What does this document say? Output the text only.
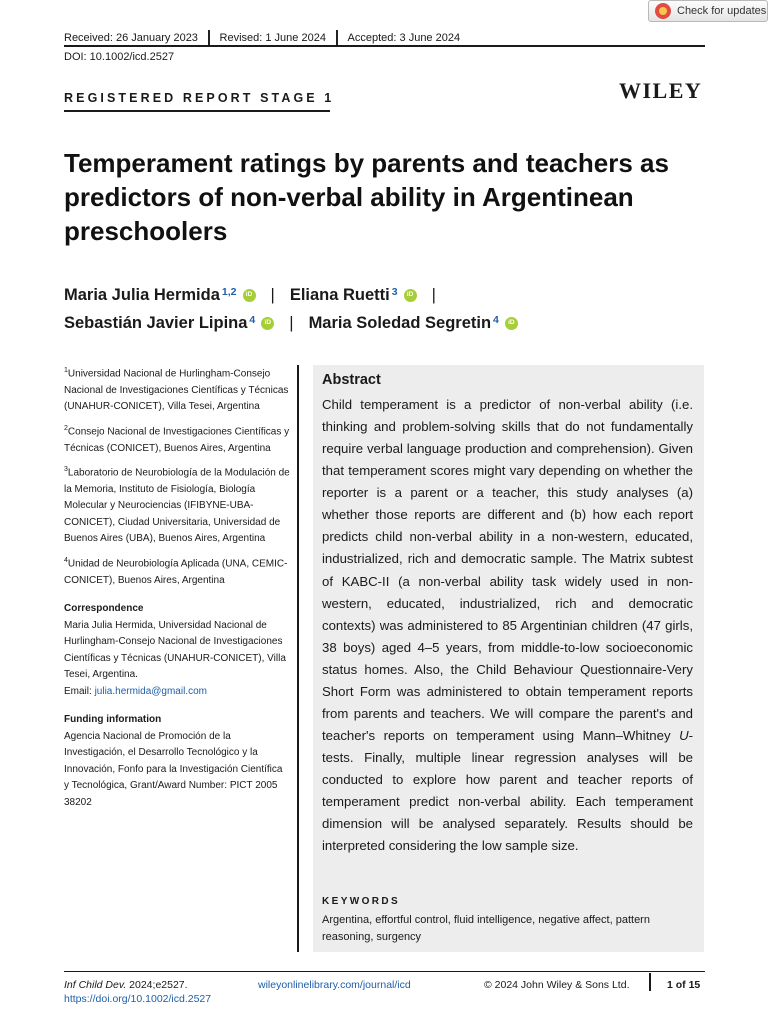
Check for updates
Received: 26 January 2023 Revised: 1 June 2024 Accepted: 3 June 2024
DOI: 10.1002/icd.2527
REGISTERED REPORT STAGE 1	WILEY
Temperament ratings by parents and teachers as predictors of non-verbal ability in Argentinean preschoolers
Maria Julia Hermida$^{1,2}$	iD | Eliana Ruetti$^3$	iD |
Sebastián Javier Lipina$^4$	iD | Maria Soledad Segretin$^4$	iD

$^1$Universidad Nacional de Hurlingham-Consejo Nacional de Investigaciones Científicas y Técnicas (UNAHUR-CONICET), Villa Tesei, Argentina

$^2$Consejo Nacional de Investigaciones Científicas y Técnicas (CONICET), Buenos Aires, Argentina

$^3$Laboratorio de Neurobiología de la Modulación de la Memoria, Instituto de Fisiología, Biología Molecular y Neurociencias (IFIBYNE-UBA-CONICET), Ciudad Universitaria, Universidad de Buenos Aires (UBA), Buenos Aires, Argentina

$^4$Unidad de Neurobiología Aplicada (UNA, CEMIC-CONICET), Buenos Aires, Argentina

Correspondence

Maria Julia Hermida, Universidad Nacional de Hurlingham-Consejo Nacional de Investigaciones Científicas y Técnicas (UNAHUR-CONICET), Villa Tesei, Argentina.
Email: julia.hermida@gmail.com

Funding information

Agencia Nacional de Promoción de la Investigación, el Desarrollo Tecnológico y la Innovación, Fonfo para la Investigación Científica y Tecnológica, Grant/Award Number: PICT 2005 38202

Abstract

Child temperament is a predictor of non-verbal ability (i.e. thinking and problem-solving skills that do not fundamentally require verbal language production and comprehension). Given that temperament scores might vary depending on whether the reporter is a parent or a teacher, this study analyses (a) whether those reports are different and (b) how each report predicts child non-verbal ability in a non-western, educated, industrialized, rich and democratic sample. The Matrix subtest of KABC-II (a non-verbal ability task widely used in non-western, educated, industrialized, rich and democratic contexts) was administered to 85 Argentinian children (47 girls, 38 boys) aged 4–5 years, from middle-to-low socioeconomic status homes. Also, the Child Behaviour Questionnaire-Very Short Form was administered to obtain temperament reports from parents and teachers. We will compare the parent's and teacher's reports on temperament using Mann–Whitney U-tests. Finally, multiple linear regression analyses will be conducted to explore how parent and teacher reports of temperament predict non-verbal ability. Each temperament dimension will be analysed separately. Results should be interpreted considering the low sample size.

KEYWORDS
Argentina, effortful control, fluid intelligence, negative affect, pattern reasoning, surgency
Inf Child Dev. 2024;e2527.
https://doi.org/10.1002/icd.2527
wileyonlinelibrary.com/journal/icd	© 2024 John Wiley & Sons Ltd.	1 of 15
